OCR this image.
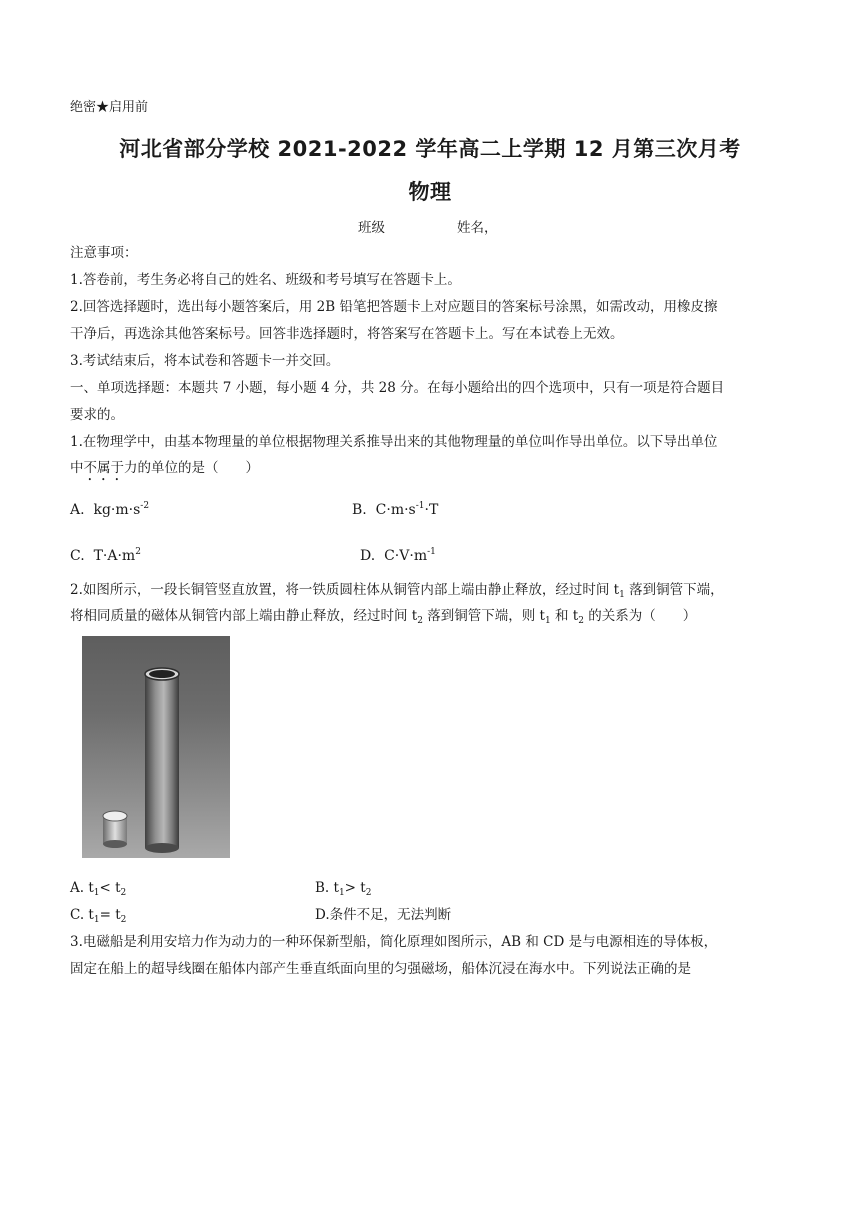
绝密★启用前
河北省部分学校 2021-2022 学年高二上学期 12 月第三次月考
物理
班级	姓名，
注意事项：
1.答卷前，考生务必将自己的姓名、班级和考号填写在答题卡上。
2.回答选择题时，选出每小题答案后，用 2B 铅笔把答题卡上对应题目的答案标号涂黑，如需改动，用橡皮擦
干净后，再选涂其他答案标号。回答非选择题时，将答案写在答题卡上。写在本试卷上无效。
3.考试结束后，将本试卷和答题卡一并交回。
一、单项选择题：本题共 7 小题，每小题 4 分，共 28 分。在每小题给出的四个选项中，只有一项是符合题目
要求的。
1.在物理学中，由基本物理量的单位根据物理关系推导出来的其他物理量的单位叫作导出单位。以下导出单位
中不属于力的单位的是（　　）
A. $kg\cdot m\cdot s^{-2}$	B. $C\cdot m\cdot s^{-1}\cdot T$
C. $T\cdot A\cdot m^2$	D. $C\cdot V\cdot m^{-1}$
2.如图所示，一段长铜管竖直放置，将一铁质圆柱体从铜管内部上端由静止释放，经过时间 $t_1$ 落到铜管下端，
将相同质量的磁体从铜管内部上端由静止释放，经过时间 $t_2$ 落到铜管下端，则 $t_1$ 和 $t_2$ 的关系为（　　）
A. $t_1< t_2$	B. $t_1> t_2$
C. $t_1= t_2$	D.条件不足，无法判断
3.电磁船是利用安培力作为动力的一种环保新型船，简化原理如图所示，AB 和 CD 是与电源相连的导体板，
固定在船上的超导线圈在船体内部产生垂直纸面向里的匀强磁场，船体沉浸在海水中。下列说法正确的是
